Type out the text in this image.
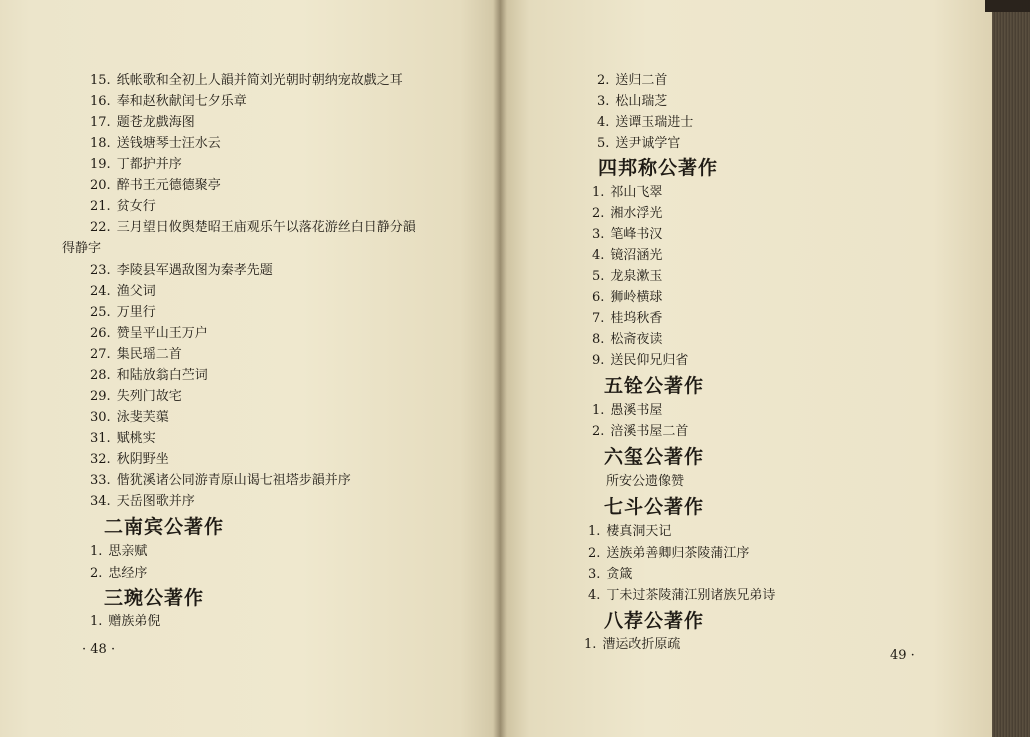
15. 纸帐歌和全初上人韻并简刘光朝时朝纳宠故戲之耳
16. 奉和赵秋献闰七夕乐章
17. 题苍龙戲海图
18. 送钱塘琴士汪水云
19. 丁都护并序
20. 醉书王元德德聚亭
21. 贫女行
22. 三月望日攸舆楚昭王庙观乐午以落花游丝白日静分韻
得静字
23. 李陵县军遇敌图为秦孝先题
24. 渔父词
25. 万里行
26. 赞呈平山王万户
27. 集民瑶二首
28. 和陆放翁白苎词
29. 失列门故宅
30. 泳斐芙蕖
31. 赋桃实
32. 秋阴野坐
33. 偕犹溪诸公同游青原山谒七祖塔步韻并序
34. 天岳图歌并序
二南宾公著作
1. 思亲赋
2. 忠经序
三琬公著作
1. 赠族弟倪
· 48 ·
2. 送归二首
3. 松山瑞芝
4. 送谭玉瑞进士
5. 送尹诚学官
四邦称公著作
1. 祁山飞翠
2. 湘水浮光
3. 笔峰书汉
4. 镜沼涵光
5. 龙泉漱玉
6. 狮岭横球
7. 桂坞秋香
8. 松斋夜读
9. 送民仰兄归省
五铨公著作
1. 愚溪书屋
2. 涪溪书屋二首
六玺公著作
所安公遗像赞
七斗公著作
1. 棲真洞天记
2. 送族弟善卿归茶陵蒲江序
3. 贪箴
4. 丁未过茶陵蒲江别诸族兄弟诗
八荐公著作
1. 漕运改折原疏
49 ·
